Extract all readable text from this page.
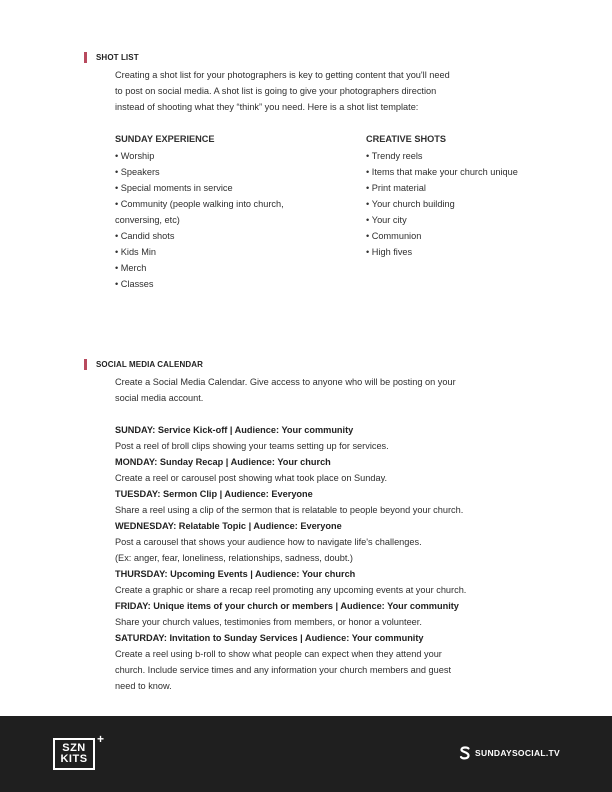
SHOT LIST

Creating a shot list for your photographers is key to getting content that you'll need

to post on social media. A shot list is going to give your photographers direction

instead of shooting what they “think” you need. Here is a shot list template:

SUNDAY EXPERIENCE
• Worship
• Speakers
• Special moments in service
• Community (people walking into church, conversing, etc)
• Candid shots
• Kids Min
• Merch
• Classes
CREATIVE SHOTS
• Trendy reels
• Items that make your church unique
• Print material
• Your church building
• Your city
• Communion
• High fives
SOCIAL MEDIA CALENDAR

Create a Social Media Calendar. Give access to anyone who will be posting on your

social media account.

SUNDAY: Service Kick-off | Audience: Your community
Post a reel of broll clips showing your teams setting up for services.
MONDAY: Sunday Recap | Audience: Your church
Create a reel or carousel post showing what took place on Sunday.
TUESDAY: Sermon Clip | Audience: Everyone
Share a reel using a clip of the sermon that is relatable to people beyond your church.
WEDNESDAY: Relatable Topic | Audience: Everyone
Post a carousel that shows your audience how to navigate life's challenges.
(Ex: anger, fear, loneliness, relationships, sadness, doubt.)
THURSDAY: Upcoming Events | Audience: Your church
Create a graphic or share a recap reel promoting any upcoming events at your church.
FRIDAY: Unique items of your church or members | Audience: Your community
Share your church values, testimonies from members, or honor a volunteer.
SATURDAY: Invitation to Sunday Services | Audience: Your community
Create a reel using b-roll to show what people can expect when they attend your
church. Include service times and any information your church members and guest
need to know.
SZN
KITS
+
SUNDAYSOCIAL.TV
